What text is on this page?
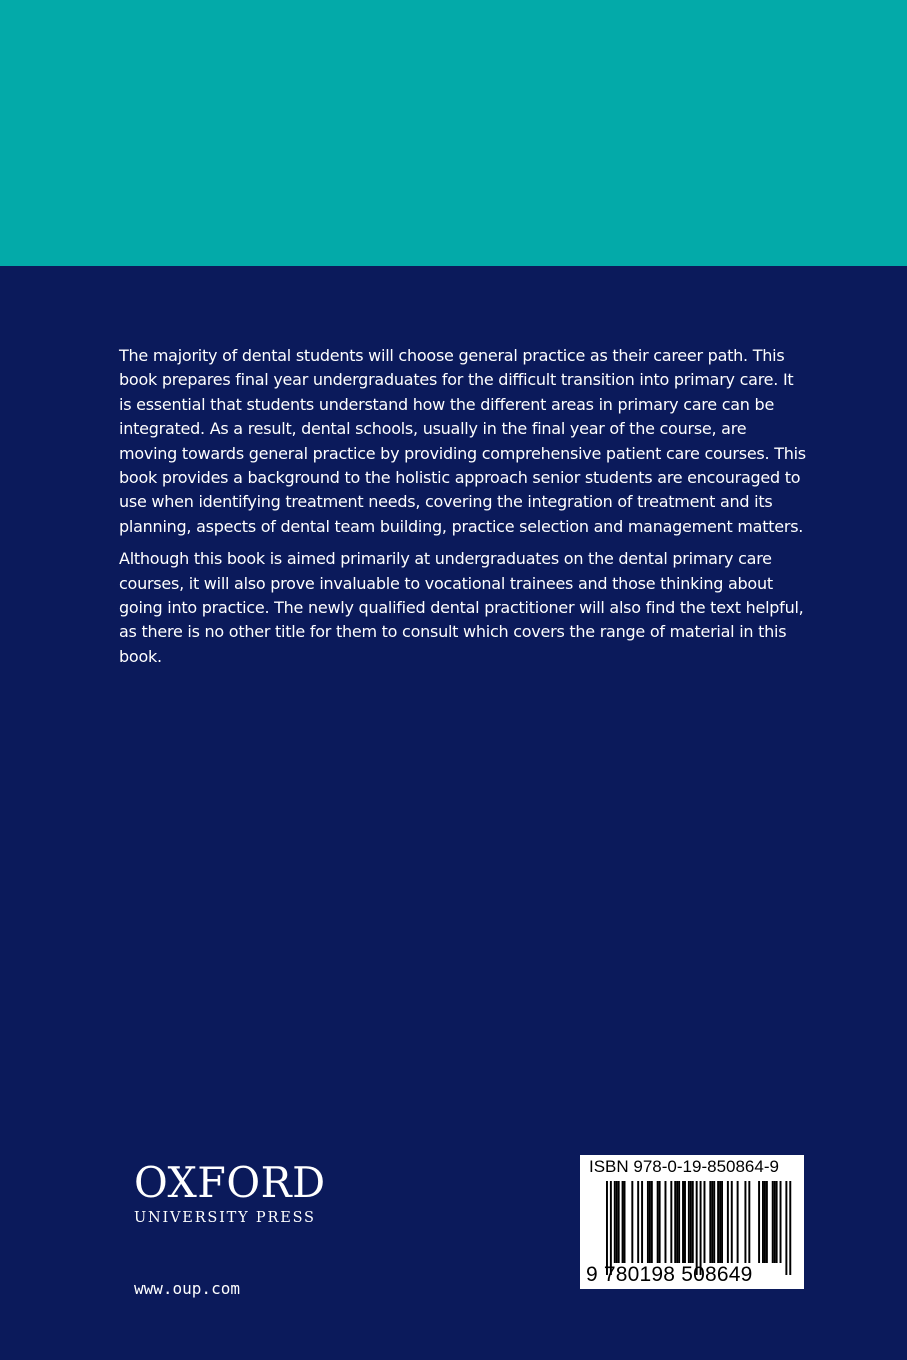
The majority of dental students will choose general practice as their career path. This book prepares final year undergraduates for the difficult transition into primary care. It is essential that students understand how the different areas in primary care can be integrated. As a result, dental schools, usually in the final year of the course, are moving towards general practice by providing comprehensive patient care courses. This book provides a background to the holistic approach senior students are encouraged to use when identifying treatment needs, covering the integration of treatment and its planning, aspects of dental team building, practice selection and management matters.

Although this book is aimed primarily at undergraduates on the dental primary care courses, it will also prove invaluable to vocational trainees and those thinking about going into practice. The newly qualified dental practitioner will also find the text helpful, as there is no other title for them to consult which covers the range of material in this book.

OXFORD
UNIVERSITY PRESS
www.oup.com
ISBN 978-0-19-850864-9
9 780198 508649
